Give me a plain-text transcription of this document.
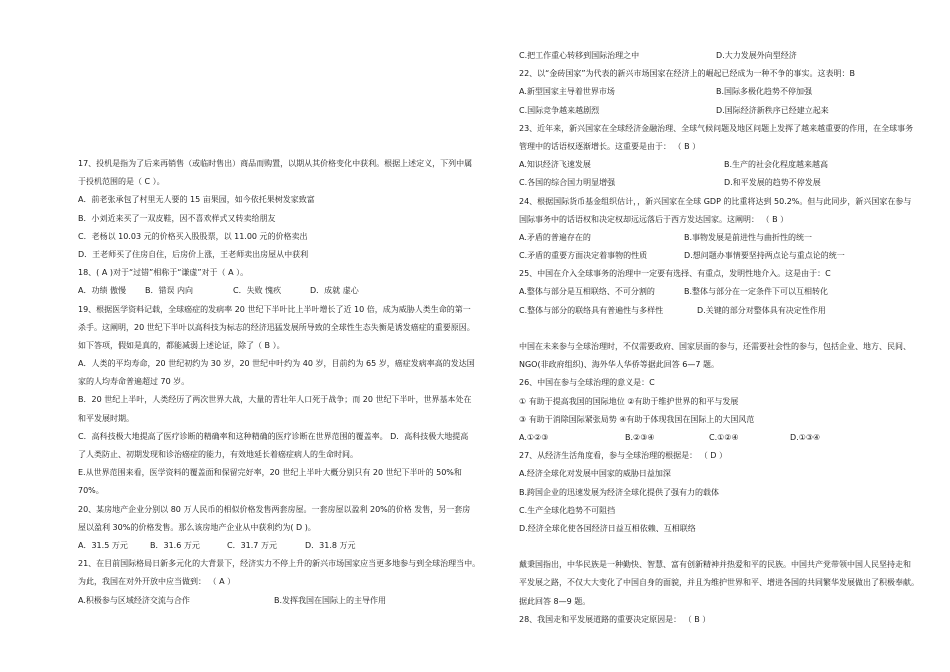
17、投机是指为了后来再销售（或临时售出）商品而购置，以期从其价格变化中获利。根据上述定义，下列中属
于投机范围的是（ C ）。
A．前老张承包了村里无人要的 15 亩果园，如今依托果树发家致富
B．小刘近来买了一双皮鞋，因不喜欢样式又转卖给朋友
C．老杨以 10.03 元的价格买入股股票，以 11.00 元的价格卖出
D．王老师买了住房自住，后房价上涨，王老师卖出房屋从中获利
18、( A )对于“过错”相称于“谦虚”对于（ A ）。
A．功绩 傲慢	B．错误 内向	C．失败 愧疚	D．成就 虚心
19、根据医学资料记载，全球癌症的发病率 20 世纪下半叶比上半叶增长了近 10 倍，成为威胁人类生命的第一
杀手。这阐明，20 世纪下半叶以高科技为标志的经济迅猛发展所导致的全球性生态失衡是诱发癌症的重要原因。
如下答项，假如是真的，都能减弱上述论证，除了（ B ）。
A．人类的平均寿命，20 世纪初约为 30 岁，20 世纪中叶约为 40 岁，目前约为 65 岁，癌症发病率高的发达国
家的人均寿命普遍超过 70 岁。
B．20 世纪上半叶，人类经历了两次世界大战，大量的青壮年人口死于战争；而 20 世纪下半叶，世界基本处在
和平发展时期。
C．高科技极大地提高了医疗诊断的精确率和这种精确的医疗诊断在世界范围的覆盖率。 D．高科技极大地提高
了人类防止、初期发现和诊治癌症的能力，有效地延长着癌症病人的生命时间。
E.从世界范围来看，医学资料的覆盖面和保留完好率，20 世纪上半叶大概分别只有 20 世纪下半叶的 50%和
70%。
20、某房地产企业分别以 80 万人民币的相似价格发售两套房屋。一套房屋以盈利 20%的价格 发售，另一套房
屋以盈利 30%的价格发售。那么该房地产企业从中获利约为( D )。
A．31.5 万元	B．31.6 万元	C．31.7 万元	D．31.8 万元
21、在目前国际格局日新多元化的大背景下，经济实力不停上升的新兴市场国家应当更多地参与到全球治理当中。
为此，我国在对外开放中应当做到： （ A ）
A.积极参与区域经济交流与合作	B.发挥我国在国际上的主导作用
C.把工作重心转移到国际治理之中	D.大力发展外向型经济
22、以“金砖国家”为代表的新兴市场国家在经济上的崛起已经成为一种不争的事实。这表明：B
A.新型国家主导着世界市场	B.国际多极化趋势不停加强
C.国际竞争越来越剧烈	D.国际经济新秩序已经建立起来
23、近年来，新兴国家在全球经济金融治理、全球气候问题及地区问题上发挥了越来越重要的作用，在全球事务
管理中的话语权逐渐增长。这重要是由于： （ B ）
A.知识经济飞速发展	B.生产的社会化程度越来越高
C.各国的综合国力明显增强	D.和平发展的趋势不停发展
24、根据国际货币基金组织估计，，新兴国家在全球 GDP 的比重将达到 50.2%。但与此同步，新兴国家在参与
国际事务中的话语权和决定权却远远落后于西方发达国家。这阐明： （ B ）
A.矛盾的普遍存在的	B.事物发展是前进性与曲折性的统一
C.矛盾的重要方面决定着事物的性质	D.想问题办事情要坚持两点论与重点论的统一
25、中国在介入全球事务的治理中一定要有选择、有重点，发明性地介入。这是由于：C
A.整体与部分是互相联络、不可分割的	B.整体与部分在一定条件下可以互相转化
C.整体与部分的联络具有普遍性与多样性	D.关键的部分对整体具有决定性作用
中国在未来参与全球治理时，不仅需要政府、国家层面的参与，还需要社会性的参与，包括企业、地方、民间、
NGO(非政府组织)、海外华人华侨等据此回答 6—7 题。
26、中国在参与全球治理的意义是：C
① 有助于提高我国的国际地位 ②有助于维护世界的和平与发展
③ 有助于消除国际紧张局势 ④有助于体现我国在国际上的大国风范
A.①②③	B.②③④	C.①②④	D.①③④
27、从经济生活角度看，参与全球治理的根据是： （ D ）
A.经济全球化对发展中国家的威胁日益加深
B.跨国企业的迅速发展为经济全球化提供了强有力的载体
C.生产全球化趋势不可阻挡
D.经济全球化使各国经济日益互相依赖、互相联络
戴秉国指出，中华民族是一种勤快、智慧、富有创新精神并热爱和平的民族。中国共产党带领中国人民坚持走和
平发展之路，不仅大大变化了中国自身的面貌，并且为维护世界和平、增进各国的共同繁华发展做出了积极奉献。
据此回答 8—9 题。
28、我国走和平发展道路的重要决定原因是： （ B ）
